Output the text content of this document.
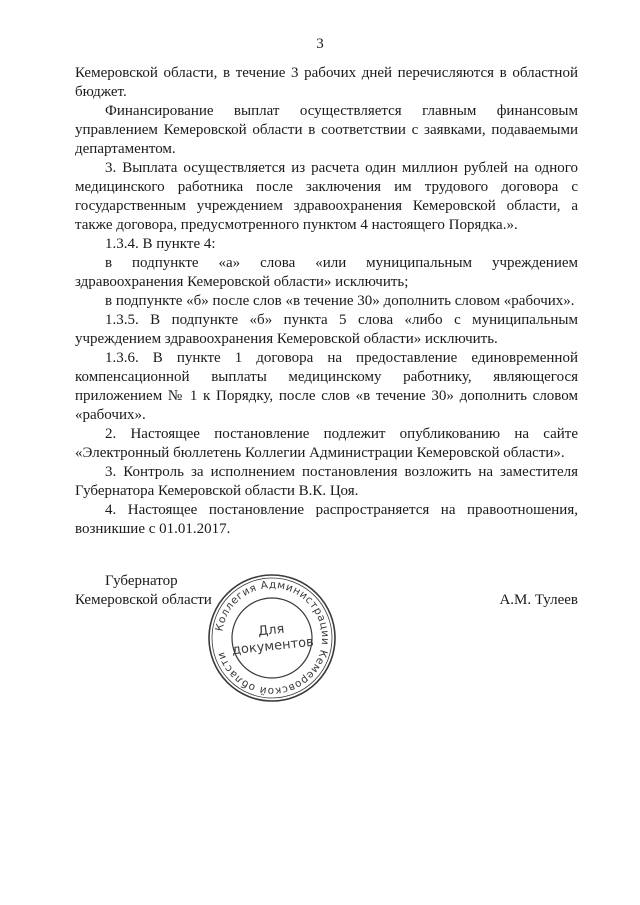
3

Кемеровской области, в течение 3 рабочих дней перечисляются в областной бюджет.

Финансирование выплат осуществляется главным финансовым управлением Кемеровской области в соответствии с заявками, подаваемыми департаментом.

3. Выплата осуществляется из расчета один миллион рублей на одного медицинского работника после заключения им трудового договора с государственным учреждением здравоохранения Кемеровской области, а также договора, предусмотренного пунктом 4 настоящего Порядка.».

1.3.4. В пункте 4:

в подпункте «а» слова «или муниципальным учреждением здравоохранения Кемеровской области» исключить;

в подпункте «б» после слов «в течение 30» дополнить словом «рабочих».

1.3.5. В подпункте «б» пункта 5 слова «либо с муниципальным учреждением здравоохранения Кемеровской области» исключить.

1.3.6. В пункте 1 договора на предоставление единовременной компенсационной выплаты медицинскому работнику, являющегося приложением № 1 к Порядку, после слов «в течение 30» дополнить словом «рабочих».

2. Настоящее постановление подлежит опубликованию на сайте «Электронный бюллетень Коллегии Администрации Кемеровской области».

3. Контроль за исполнением постановления возложить на заместителя Губернатора Кемеровской области В.К. Цоя.

4. Настоящее постановление распространяется на правоотношения, возникшие с 01.01.2017.

Губернатор
Кемеровской области	А.М. Тулеев
Коллегия Администрации Кемеровской области
Для
документов
